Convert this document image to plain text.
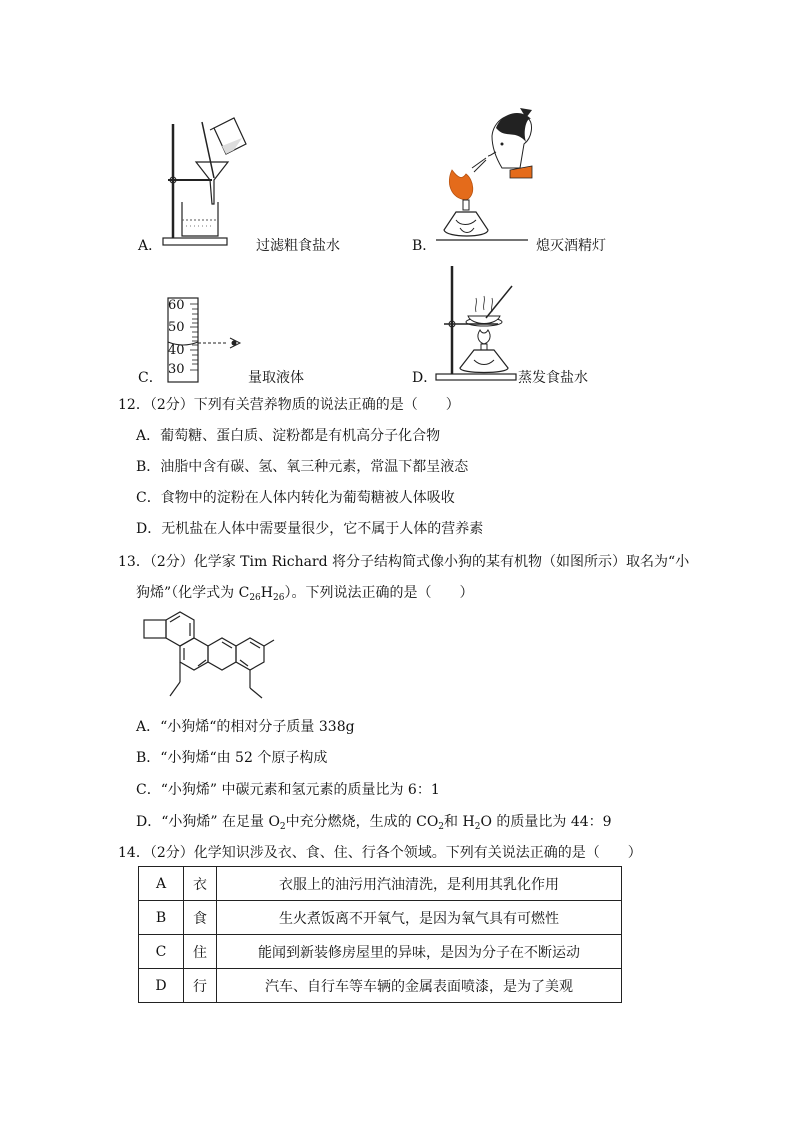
A．	过滤粗食盐水	B．	熄灭酒精灯
60
50
40
30
C．	量取液体	D．	蒸发食盐水
12．（2分）下列有关营养物质的说法正确的是（　　）
A．葡萄糖、蛋白质、淀粉都是有机高分子化合物
B．油脂中含有碳、氢、氧三种元素，常温下都呈液态
C．食物中的淀粉在人体内转化为葡萄糖被人体吸收
D．无机盐在人体中需要量很少，它不属于人体的营养素
13．（2分）化学家 Tim Richard 将分子结构简式像小狗的某有机物（如图所示）取名为“小
狗烯”（化学式为 $C_{26}H_{26}$）。下列说法正确的是（　　）
A．“小狗烯“的相对分子质量 338g
B．“小狗烯“由 52 个原子构成
C．“小狗烯” 中碳元素和氢元素的质量比为 6：1
D．“小狗烯” 在足量 $O_2$中充分燃烧，生成的 $CO_2$和 $H_2O$ 的质量比为 44：9
14．（2分）化学知识涉及衣、食、住、行各个领域。下列有关说法正确的是（　　）
A	衣	衣服上的油污用汽油清洗，是利用其乳化作用
B	食	生火煮饭离不开氧气，是因为氧气具有可燃性
C	住	能闻到新装修房屋里的异味，是因为分子在不断运动
D	行	汽车、自行车等车辆的金属表面喷漆，是为了美观
